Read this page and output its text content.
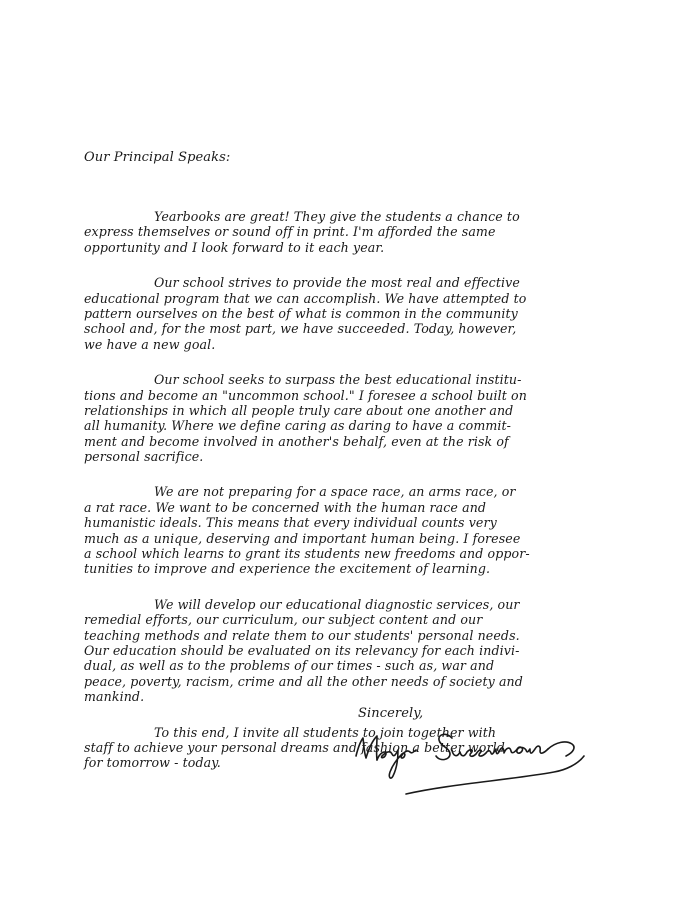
Our Principal Speaks:

Yearbooks are great! They give the students a chance to
express themselves or sound off in print. I'm afforded the same
opportunity and I look forward to it each year.

Our school strives to provide the most real and effective
educational program that we can accomplish. We have attempted to
pattern ourselves on the best of what is common in the community
school and, for the most part, we have succeeded. Today, however,
we have a new goal.

Our school seeks to surpass the best educational institu-
tions and become an "uncommon school." I foresee a school built on
relationships in which all people truly care about one another and
all humanity. Where we define caring as daring to have a commit-
ment and become involved in another's behalf, even at the risk of
personal sacrifice.

We are not preparing for a space race, an arms race, or
a rat race. We want to be concerned with the human race and
humanistic ideals. This means that every individual counts very
much as a unique, deserving and important human being. I foresee
a school which learns to grant its students new freedoms and oppor-
tunities to improve and experience the excitement of learning.

We will develop our educational diagnostic services, our
remedial efforts, our curriculum, our subject content and our
teaching methods and relate them to our students' personal needs.
Our education should be evaluated on its relevancy for each indivi-
dual, as well as to the problems of our times - such as, war and
peace, poverty, racism, crime and all the other needs of society and
mankind.

To this end, I invite all students to join together with
staff to achieve your personal dreams and fashion a better world
for tomorrow - today.

Sincerely,
